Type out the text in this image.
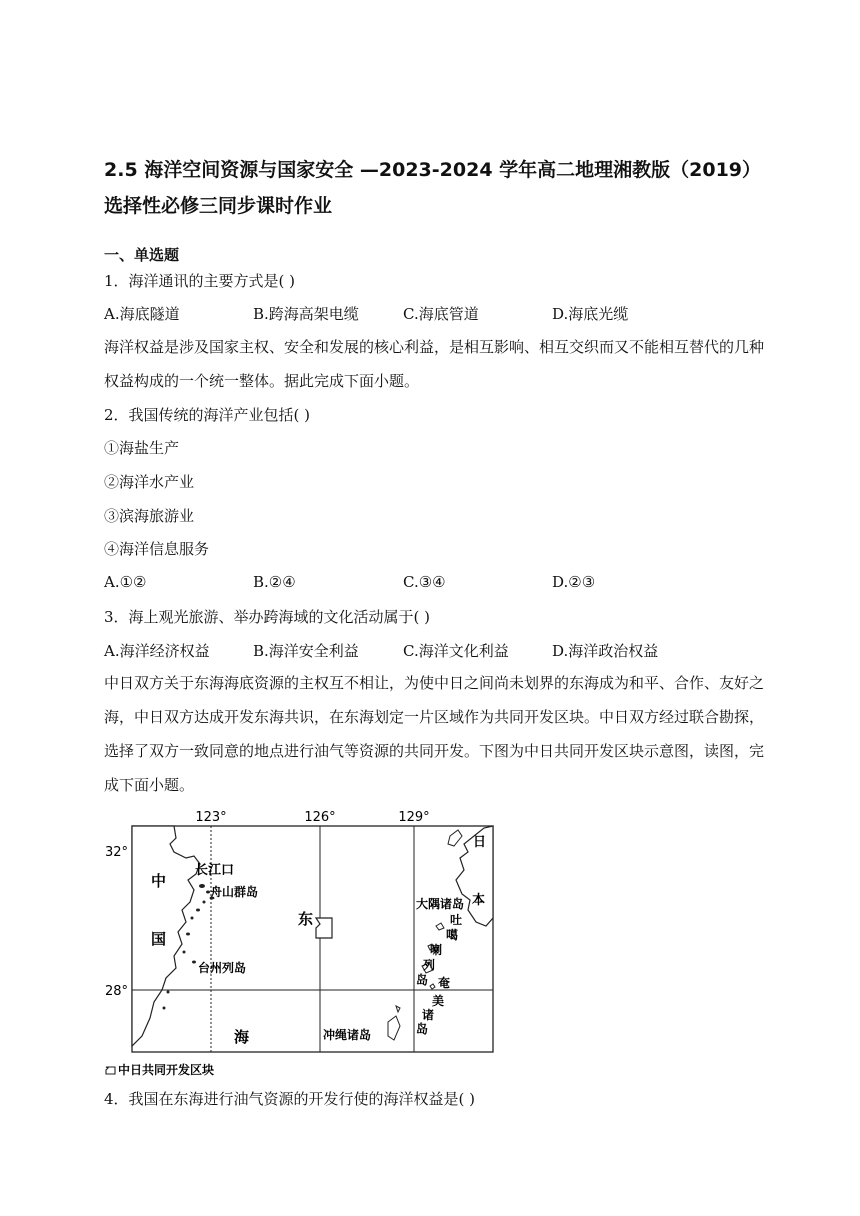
2.5 海洋空间资源与国家安全 —2023-2024 学年高二地理湘教版（2019）
选择性必修三同步课时作业
一、单选题
1．海洋通讯的主要方式是( )
A.海底隧道	B.跨海高架电缆	C.海底管道	D.海底光缆
海洋权益是涉及国家主权、安全和发展的核心利益，是相互影响、相互交织而又不能相互替代的几种权益构成的一个统一整体。据此完成下面小题。
2．我国传统的海洋产业包括( )
①海盐生产
②海洋水产业
③滨海旅游业
④海洋信息服务
A.①②	B.②④	C.③④	D.②③
3．海上观光旅游、举办跨海域的文化活动属于( )
A.海洋经济权益	B.海洋安全利益	C.海洋文化利益	D.海洋政治权益
中日双方关于东海海底资源的主权互不相让，为使中日之间尚未划界的东海成为和平、合作、友好之海，中日双方达成开发东海共识，在东海划定一片区域作为共同开发区块。中日双方经过联合勘探，选择了双方一致同意的地点进行油气等资源的共同开发。下图为中日共同开发区块示意图，读图，完成下面小题。
123°	126°	129°
32°
28°
中
国
长江口
舟山群岛
东
台州列岛
海	冲绳诸岛
日
本
大隅诸岛
吐
噶
喇
列
岛 奄
美
诸
岛
中日共同开发区块
4．我国在东海进行油气资源的开发行使的海洋权益是( )
